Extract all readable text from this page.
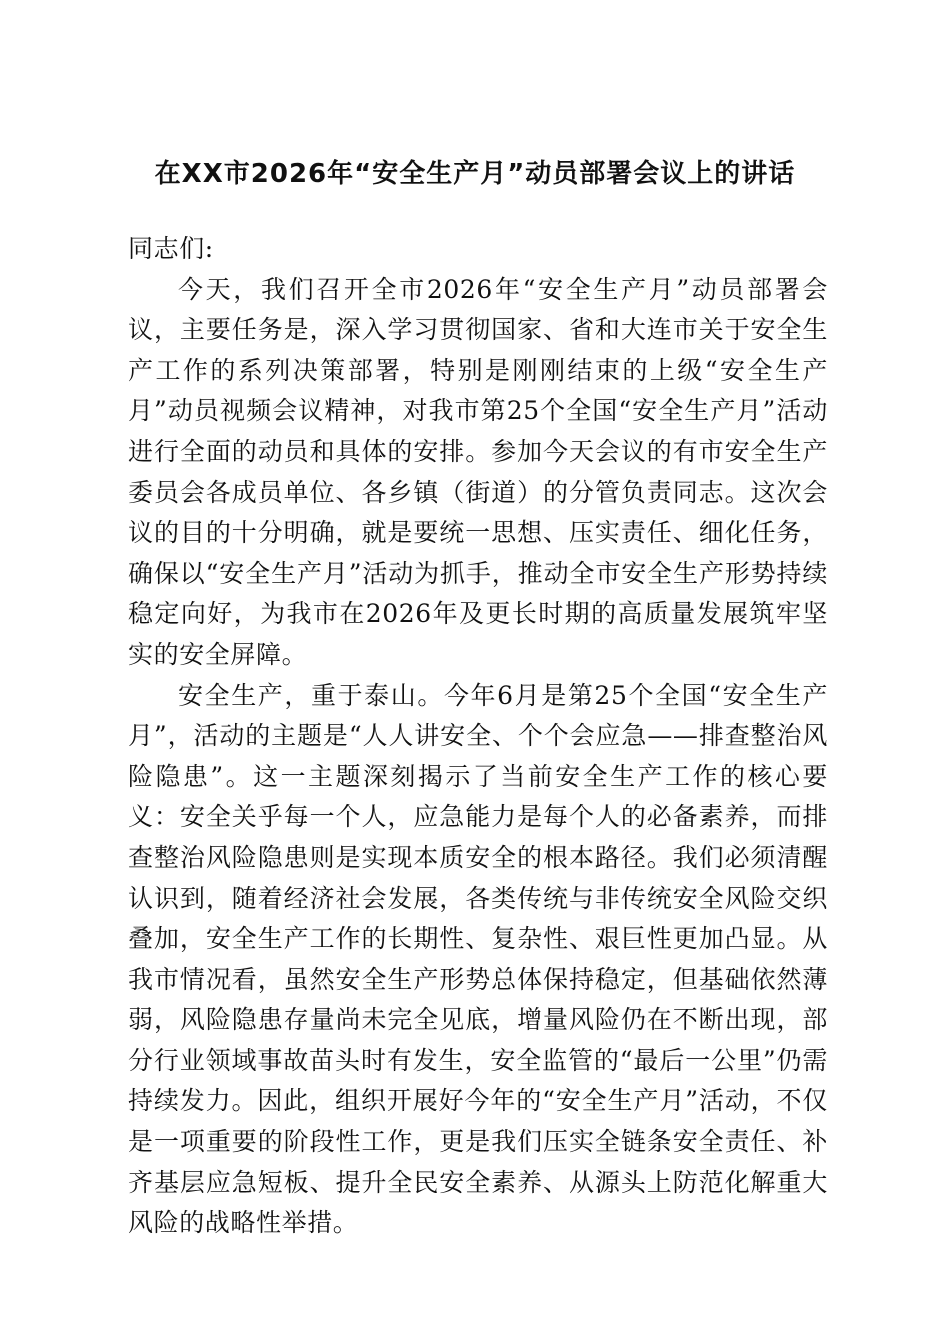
在XX市2026年“安全生产月”动员部署会议上的讲话

同志们:

今天，我们召开全市2026年“安全生产月”动员部署会议，主要任务是，深入学习贯彻国家、省和大连市关于安全生产工作的系列决策部署，特别是刚刚结束的上级“安全生产月”动员视频会议精神，对我市第25个全国“安全生产月”活动进行全面的动员和具体的安排。参加今天会议的有市安全生产委员会各成员单位、各乡镇（街道）的分管负责同志。这次会议的目的十分明确，就是要统一思想、压实责任、细化任务，确保以“安全生产月”活动为抓手，推动全市安全生产形势持续稳定向好，为我市在2026年及更长时期的高质量发展筑牢坚实的安全屏障。

安全生产，重于泰山。今年6月是第25个全国“安全生产月”，活动的主题是“人人讲安全、个个会应急——排查整治风险隐患”。这一主题深刻揭示了当前安全生产工作的核心要义：安全关乎每一个人，应急能力是每个人的必备素养，而排查整治风险隐患则是实现本质安全的根本路径。我们必须清醒认识到，随着经济社会发展，各类传统与非传统安全风险交织叠加，安全生产工作的长期性、复杂性、艰巨性更加凸显。从我市情况看，虽然安全生产形势总体保持稳定，但基础依然薄弱，风险隐患存量尚未完全见底，增量风险仍在不断出现，部分行业领域事故苗头时有发生，安全监管的“最后一公里”仍需持续发力。因此，组织开展好今年的“安全生产月”活动，不仅是一项重要的阶段性工作，更是我们压实全链条安全责任、补齐基层应急短板、提升全民安全素养、从源头上防范化解重大风险的战略性举措。
